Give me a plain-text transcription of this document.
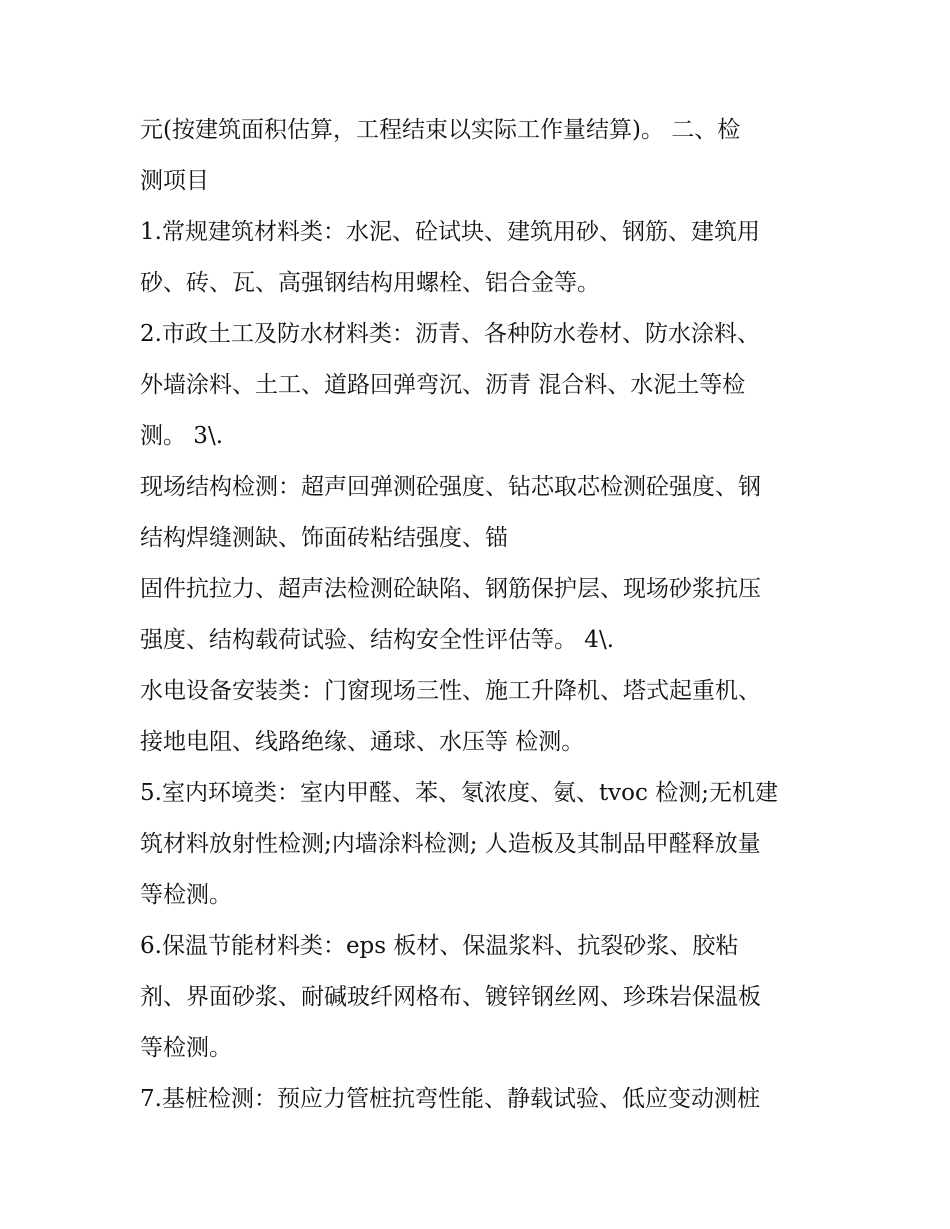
元(按建筑面积估算，工程结束以实际工作量结算)。 二、检
测项目
1.常规建筑材料类：水泥、砼试块、建筑用砂、钢筋、建筑用
砂、砖、瓦、高强钢结构用螺栓、铝合金等。
2.市政土工及防水材料类：沥青、各种防水卷材、防水涂料、
外墙涂料、土工、道路回弹弯沉、沥青 混合料、水泥土等检
测。 3\.
现场结构检测：超声回弹测砼强度、钻芯取芯检测砼强度、钢
结构焊缝测缺、饰面砖粘结强度、锚
固件抗拉力、超声法检测砼缺陷、钢筋保护层、现场砂浆抗压
强度、结构载荷试验、结构安全性评估等。 4\.
水电设备安装类：门窗现场三性、施工升降机、塔式起重机、
接地电阻、线路绝缘、通球、水压等 检测。
5.室内环境类：室内甲醛、苯、氡浓度、氨、tvoc 检测;无机建
筑材料放射性检测;内墙涂料检测; 人造板及其制品甲醛释放量
等检测。
6.保温节能材料类：eps 板材、保温浆料、抗裂砂浆、胶粘
剂、界面砂浆、耐碱玻纤网格布、镀锌钢丝网、珍珠岩保温板
等检测。
7.基桩检测：预应力管桩抗弯性能、静载试验、低应变动测桩
